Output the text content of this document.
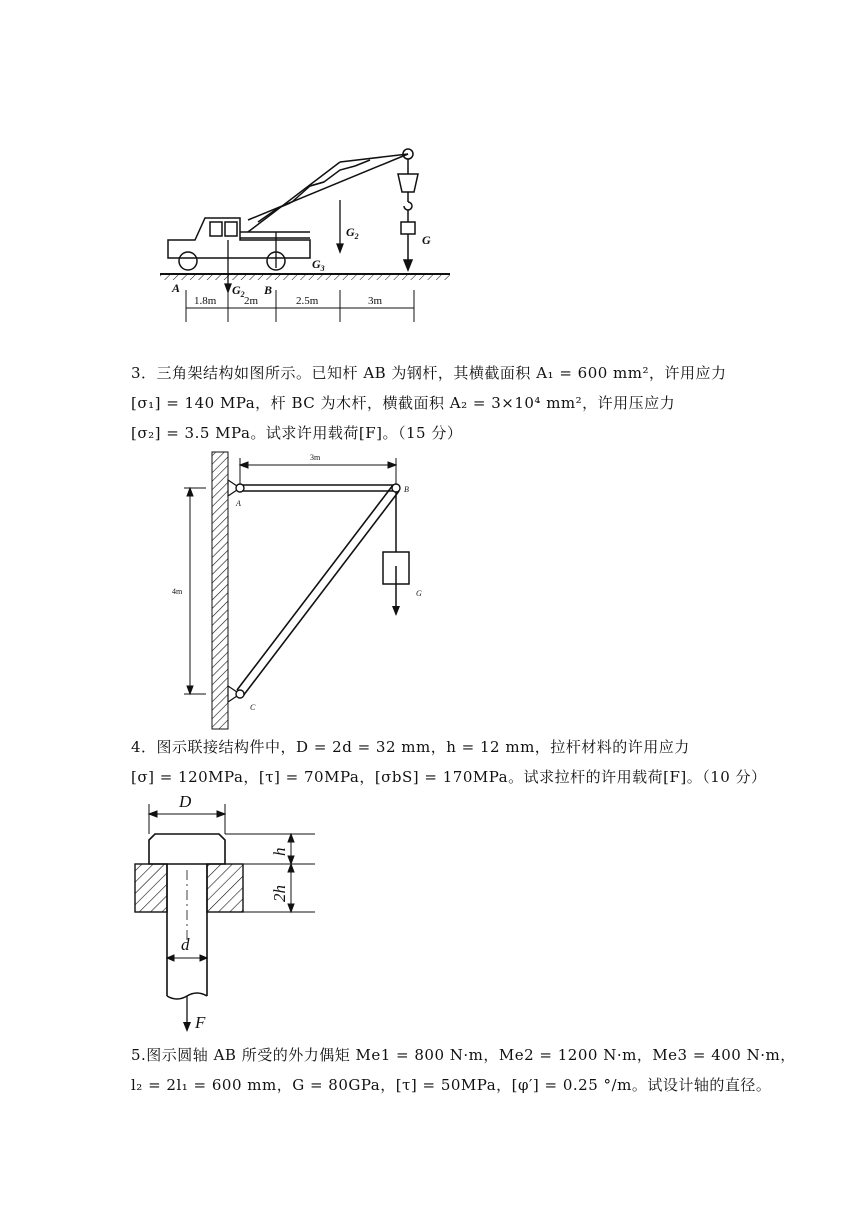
$G_2$	G
$G_3$
A	$G_2$ B
1.8m	2m	2.5m	3m
3．三角架结构如图所示。已知杆 AB 为钢杆，其横截面积 A₁ = 600 mm²，许用应力
[σ₁] = 140 MPa，杆 BC 为木杆，横截面积 A₂ = 3×10⁴ mm²，许用压应力
[σ₂] = 3.5 MPa。试求许用载荷[F]。（15 分）
3m
4m
A
B
C
G
4．图示联接结构件中，D = 2d = 32 mm，h = 12 mm，拉杆材料的许用应力
[σ] = 120MPa，[τ] = 70MPa，[σbS] = 170MPa。试求拉杆的许用载荷[F]。（10 分）
D
d
h
2h
F
5.图示圆轴 AB 所受的外力偶矩 Me1 = 800 N·m，Me2 = 1200 N·m，Me3 = 400 N·m，
l₂ = 2l₁ = 600 mm，G = 80GPa，[τ] = 50MPa，[φ′] = 0.25 °/m。试设计轴的直径。
